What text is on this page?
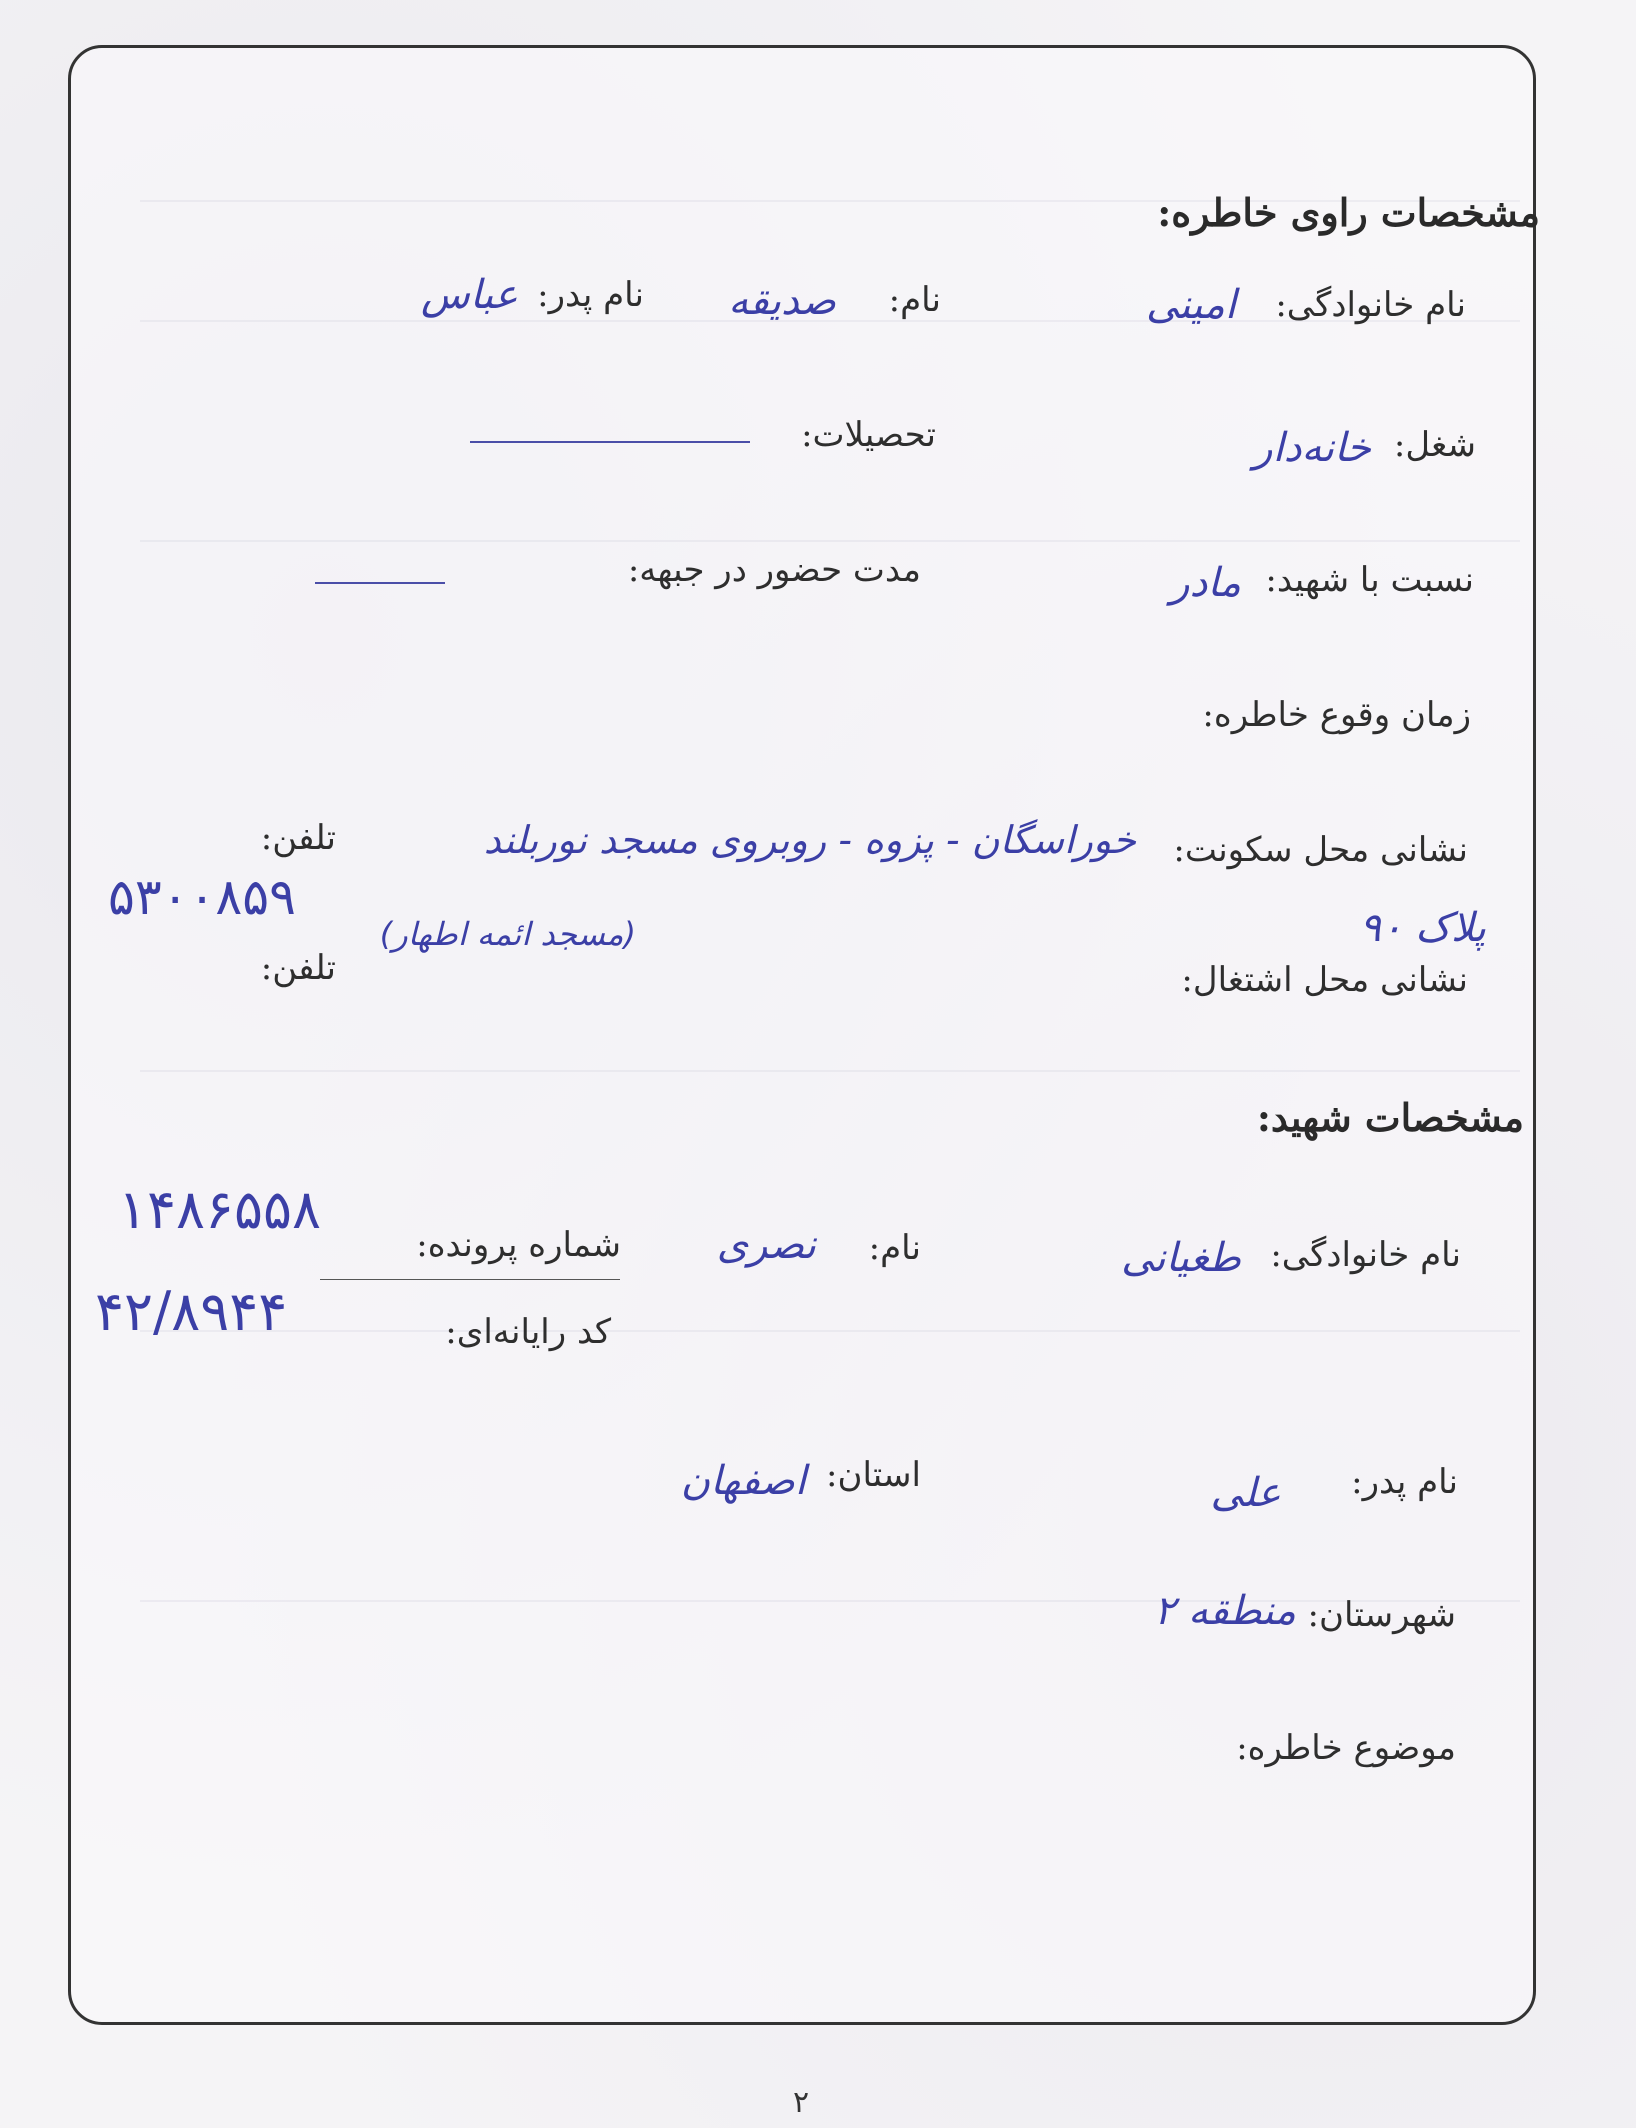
مشخصات راوی خاطره:
نام خانوادگی:
امینی
نام:
صدیقه
نام پدر:
عباس
شغل:
خانه‌دار
تحصیلات:
نسبت با شهید:
مادر
مدت حضور در جبهه:
زمان وقوع خاطره:
نشانی محل سکونت:
خوراسگان - پزوه - روبروی مسجد نوربلند
(مسجد ائمه اطهار)	پلاک ۹۰
تلفن:
۵۳۰۰۸۵۹
نشانی محل اشتغال:
تلفن:
مشخصات شهید:
نام خانوادگی:
طغیانی
نام:
نصری
شماره پرونده:
۱۴۸۶۵۵۸
کد رایانه‌ای:
۴۲/۸۹۴۴
نام پدر:
علی
استان:
اصفهان
شهرستان:
منطقه ۲
موضوع خاطره:
۲
